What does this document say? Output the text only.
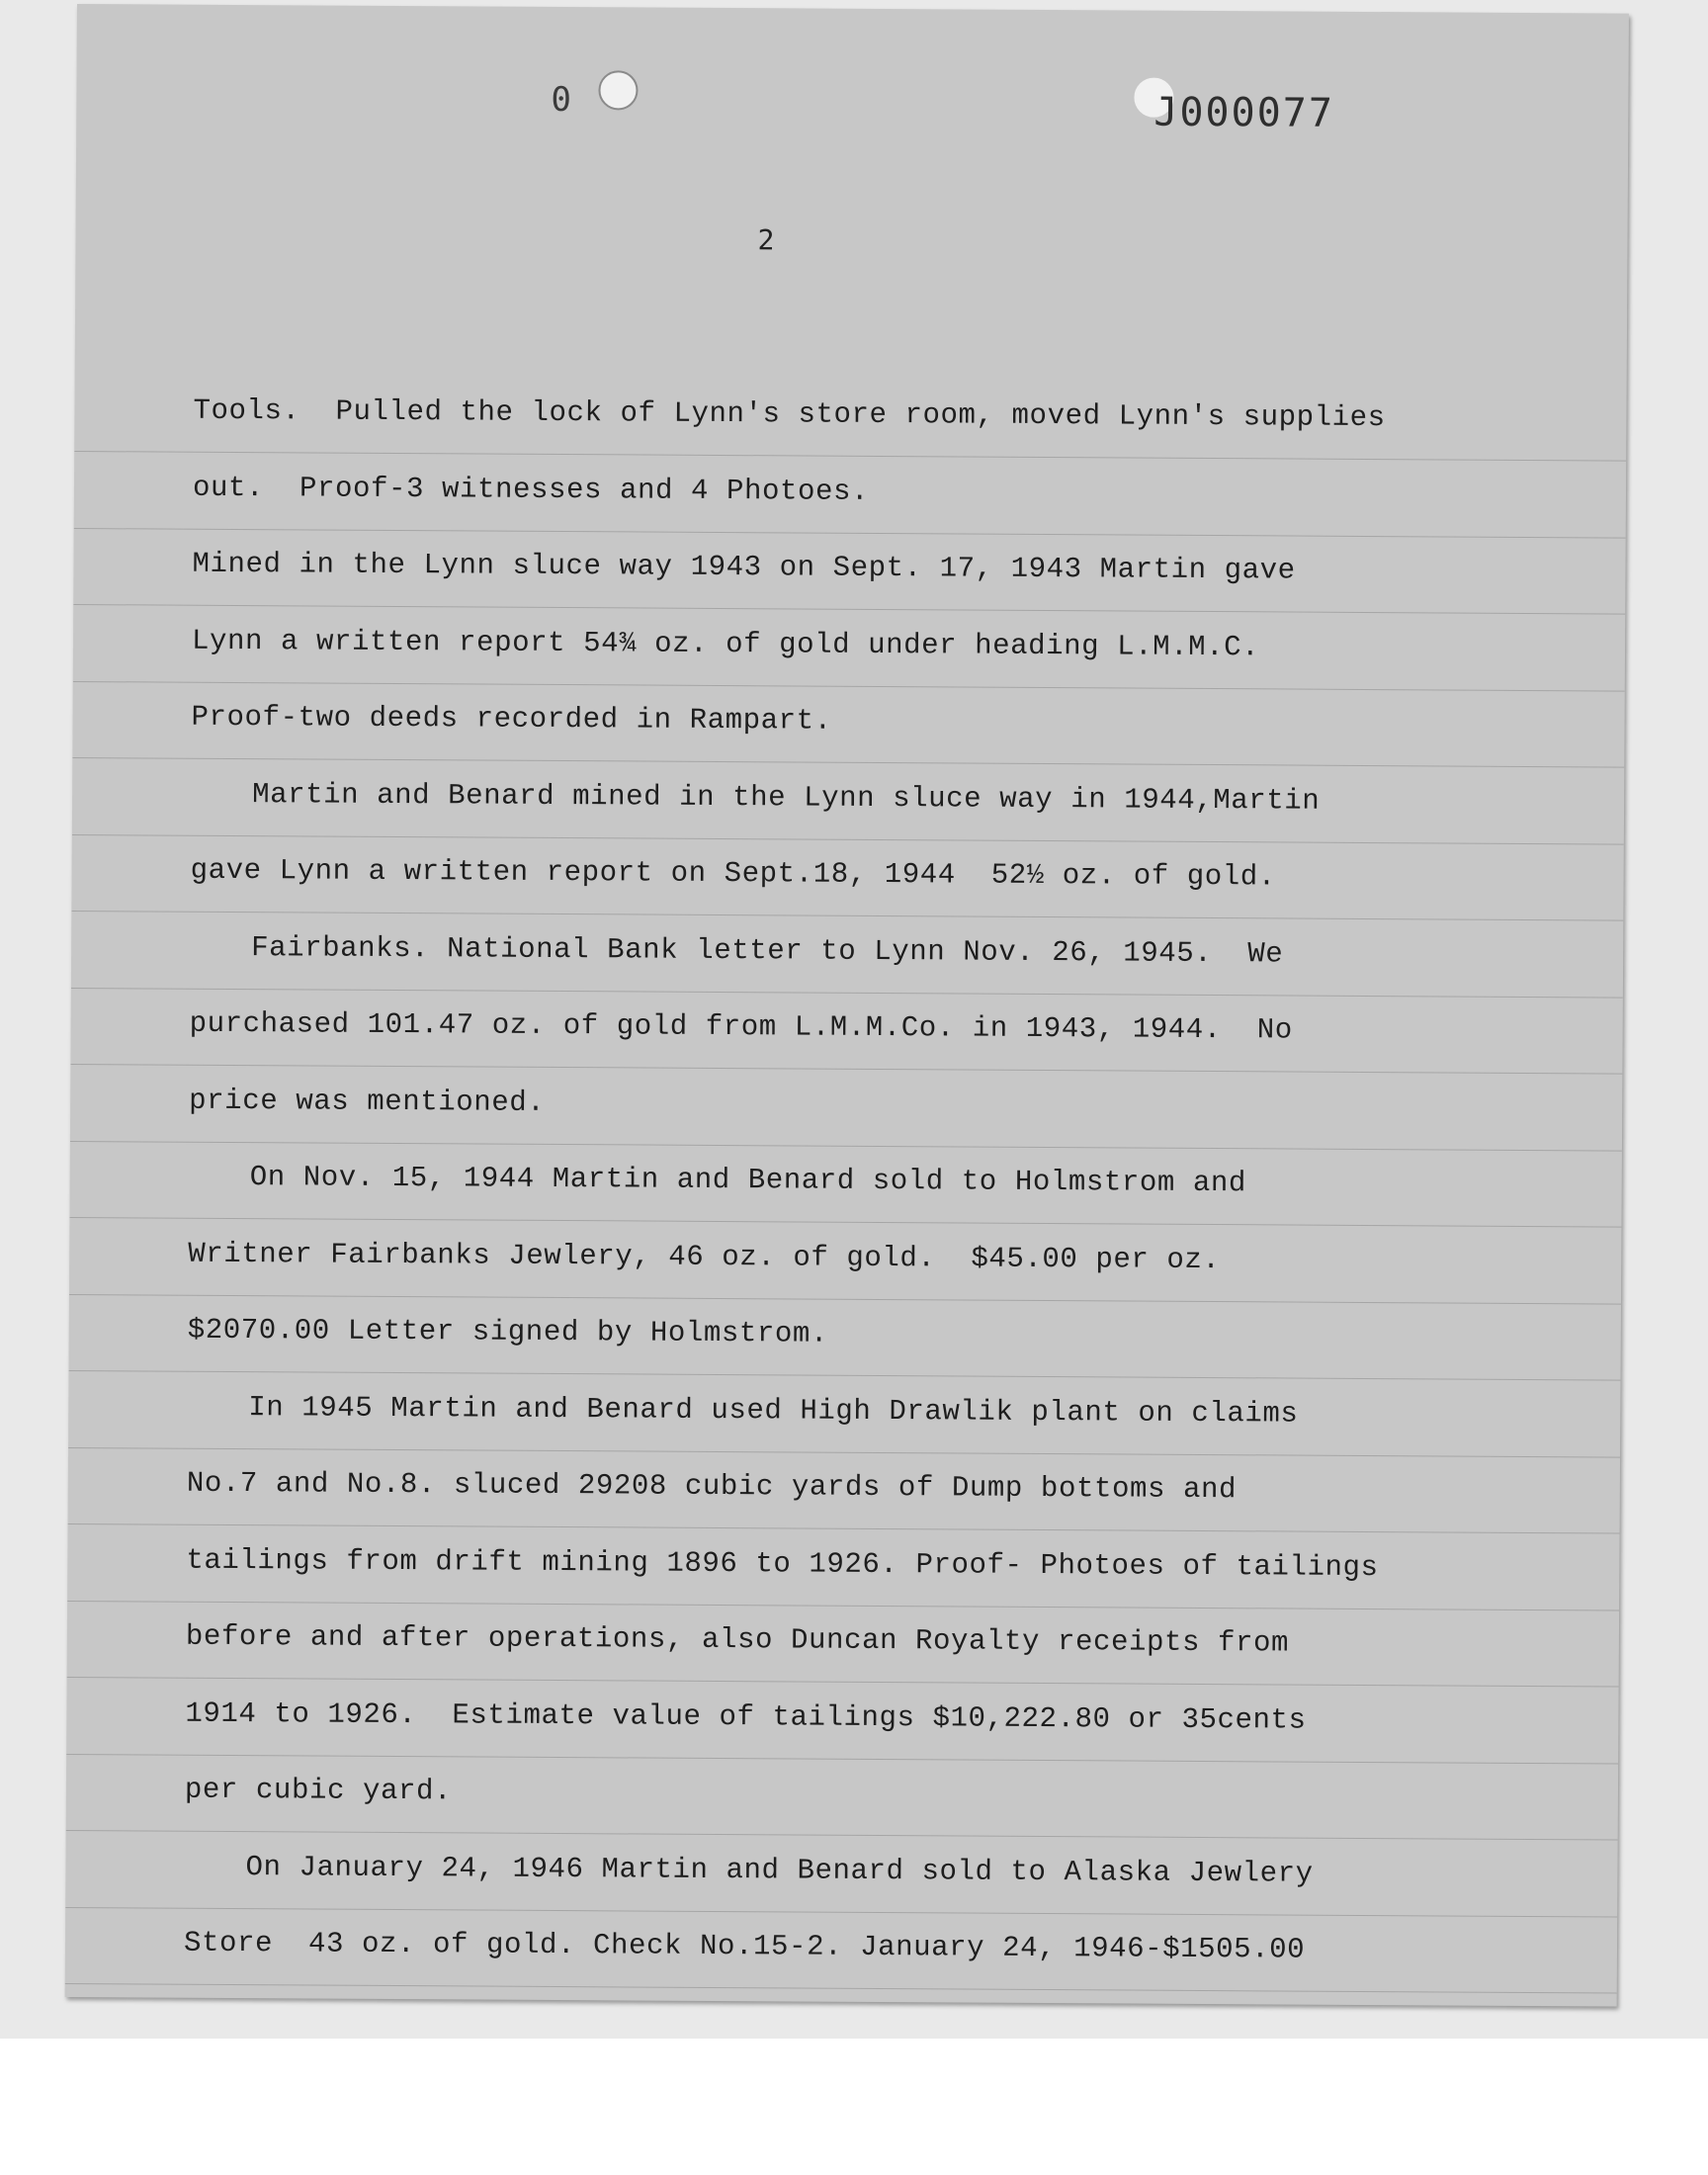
0	J000077
2
Tools.  Pulled the lock of Lynn's store room, moved Lynn's supplies
out.  Proof-3 witnesses and 4 Photoes.
Mined in the Lynn sluce way 1943 on Sept. 17, 1943 Martin gave
Lynn a written report 54¾ oz. of gold under heading L.M.M.C.
Proof-two deeds recorded in Rampart.
Martin and Benard mined in the Lynn sluce way in 1944,Martin
gave Lynn a written report on Sept.18, 1944  52½ oz. of gold.
Fairbanks. National Bank letter to Lynn Nov. 26, 1945.  We
purchased 101.47 oz. of gold from L.M.M.Co. in 1943, 1944.  No
price was mentioned.
On Nov. 15, 1944 Martin and Benard sold to Holmstrom and
Writner Fairbanks Jewlery, 46 oz. of gold.  $45.00 per oz.
$2070.00 Letter signed by Holmstrom.
In 1945 Martin and Benard used High Drawlik plant on claims
No.7 and No.8. sluced 29208 cubic yards of Dump bottoms and
tailings from drift mining 1896 to 1926. Proof- Photoes of tailings
before and after operations, also Duncan Royalty receipts from
1914 to 1926.  Estimate value of tailings $10,222.80 or 35cents
per cubic yard.
On January 24, 1946 Martin and Benard sold to Alaska Jewlery
Store  43 oz. of gold. Check No.15-2. January 24, 1946-$1505.00
